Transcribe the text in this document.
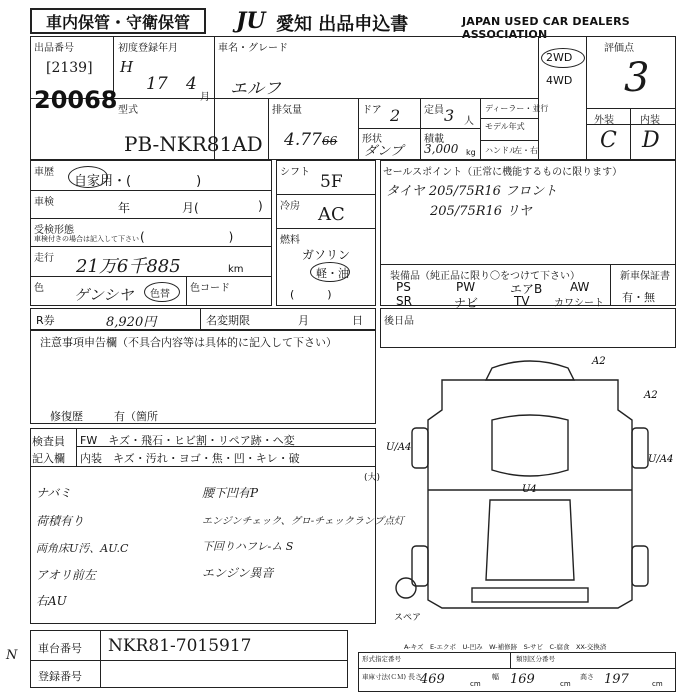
車内保管・守衛保管 JU 愛知 出品申込書	JAPAN USED CAR DEALERS ASSOCIATION
出品番号
[2139]
20068
初度登録年月
H
17 4
月
車名・グレード
エルフ
2WD
4WD
評価点
3
外装	内装
C D
型式
PB-NKR81AD
排気量
4.77 66
ドア 2 定員 3 人
ディーラー・並行
モデル年式
ハンドル
左・右
形状
ダンプ
積載
3,000 kg
車歴
自家用・(　　　　　)
車検	年	月(	)
受検形態
車検付きの場合は記入して下さい (　　　　　　　)
走行 21万6千885	km
色 ゲンシヤ 色替
色コード
シフト 5F
冷房 AC
燃料
ガソリン
軽・油
(　　　)
セールスポイント（正常に機能するものに限ります）
タイヤ 205/75R16 フロント
205/75R16 リヤ
装備品（純正品に限り〇をつけて下さい）	新車保証書
有・無
PS	PW	エアB AW
SR	ナビ	TV カワシート
R券	8,920円	名変期限	月	日 後日品
注意事項申告欄（不具合内容等は具体的に記入して下さい）
修復歴	有（箇所
検査員
記入欄
FW　キズ・飛石・ヒビ割・リペア跡・ヘ変
内装　キズ・汚れ・ヨゴ・焦・凹・キレ・破
(大)
ナバミ	腰下凹有P
荷積有り	エンジンチェック、グロ-チェックランプ点灯
両角床U汚、AU.C	下回りハフレ-ム S
アオリ前左	エンジン異音
右AU
A2
A2
U/A4
U/A4
U4
スペア
N
A-キズ　E-エクボ　U-凹み　W-補修跡　S-サビ　C-腐食　XX-交換済
車台番号 NKR81-7015917
登録番号
形式指定番号	類別区分番号
車庫寸法(ＣＭ) 長さ
469	cm
幅 169	cm
高さ 197	cm
